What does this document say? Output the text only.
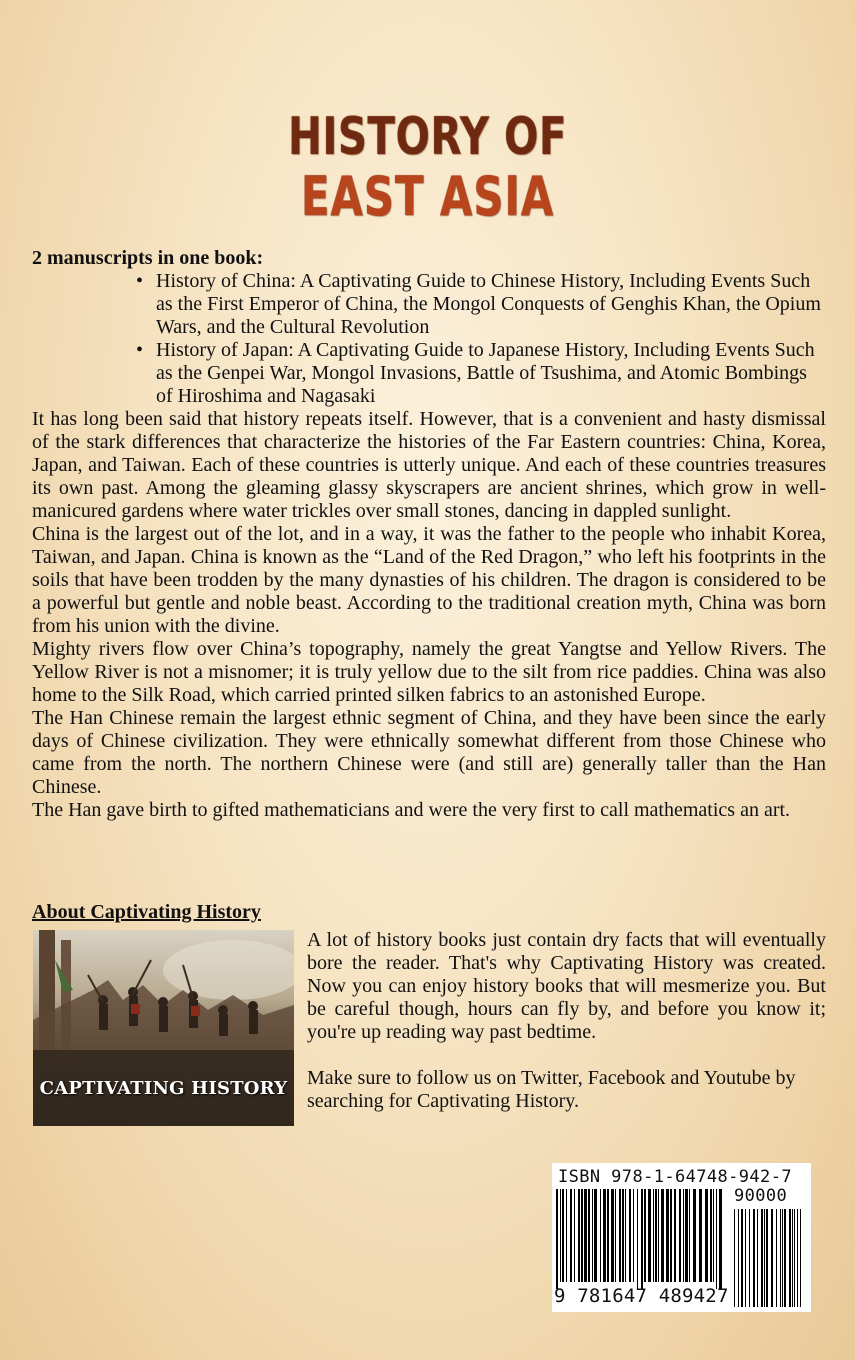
HISTORY OF
EAST ASIA

2 manuscripts in one book:

• History of China: A Captivating Guide to Chinese History, Including Events Such as the First Emperor of China, the Mongol Conquests of Genghis Khan, the Opium Wars, and the Cultural Revolution
• History of Japan: A Captivating Guide to Japanese History, Including Events Such as the Genpei War, Mongol Invasions, Battle of Tsushima, and Atomic Bombings of Hiroshima and Nagasaki

It has long been said that history repeats itself. However, that is a convenient and hasty dismissal of the stark differences that characterize the histories of the Far Eastern countries: China, Korea, Japan, and Taiwan. Each of these countries is utterly unique. And each of these countries treasures its own past. Among the gleaming glassy skyscrapers are ancient shrines, which grow in well-manicured gardens where water trickles over small stones, dancing in dappled sunlight.

China is the largest out of the lot, and in a way, it was the father to the people who inhabit Korea, Taiwan, and Japan. China is known as the “Land of the Red Dragon,” who left his footprints in the soils that have been trodden by the many dynasties of his children. The dragon is considered to be a powerful but gentle and noble beast. According to the traditional creation myth, China was born from his union with the divine.

Mighty rivers flow over China’s topography, namely the great Yangtse and Yellow Rivers. The Yellow River is not a misnomer; it is truly yellow due to the silt from rice paddies. China was also home to the Silk Road, which carried printed silken fabrics to an astonished Europe.

The Han Chinese remain the largest ethnic segment of China, and they have been since the early days of Chinese civilization. They were ethnically somewhat different from those Chinese who came from the north. The northern Chinese were (and still are) generally taller than the Han Chinese.

The Han gave birth to gifted mathematicians and were the very first to call mathematics an art.

About Captivating History
CAPTIVATING HISTORY

A lot of history books just contain dry facts that will eventually bore the reader. That's why Captivating History was created. Now you can enjoy history books that will mesmerize you. But be careful though, hours can fly by, and before you know it; you're up reading way past bedtime.

Make sure to follow us on Twitter, Facebook and Youtube by searching for Captivating History.

ISBN 978-1-64748-942-7
90000
9 781647 489427
